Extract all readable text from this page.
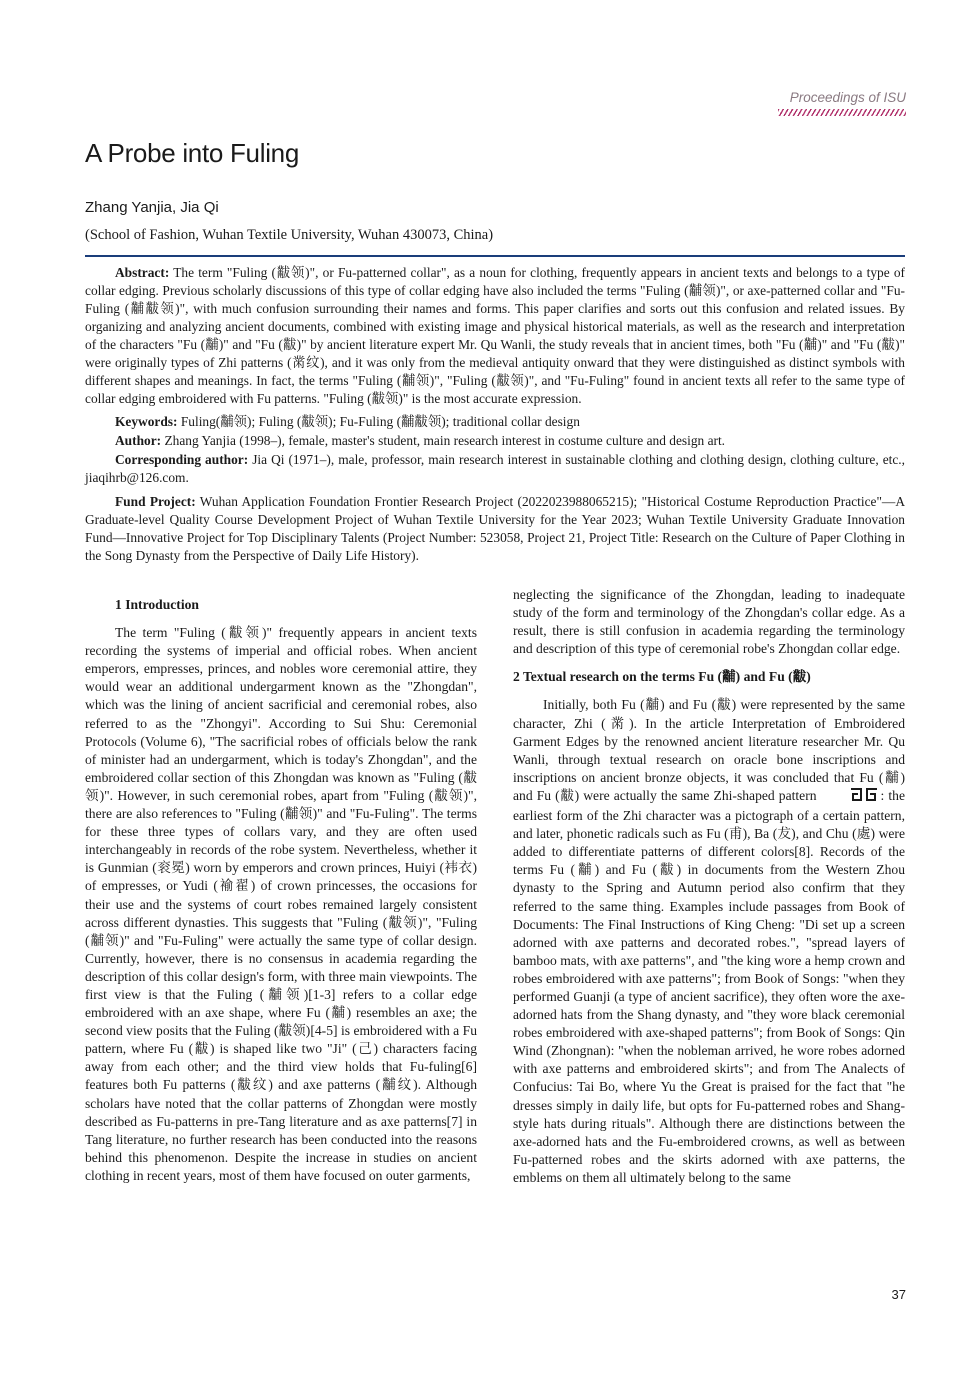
Proceedings of ISU
A Probe into Fuling
Zhang Yanjia, Jia Qi
(School of Fashion, Wuhan Textile University, Wuhan 430073, China)

Abstract: The term "Fuling (黻领)", or Fu-patterned collar", as a noun for clothing, frequently appears in ancient texts and belongs to a type of collar edging. Previous scholarly discussions of this type of collar edging have also included the terms "Fuling (黼领)", or axe-patterned collar and "Fu-Fuling (黼黻领)", with much confusion surrounding their names and forms. This paper clarifies and sorts out this confusion and related issues. By organizing and analyzing ancient documents, combined with existing image and physical historical materials, as well as the research and interpretation of the characters "Fu (黼)" and "Fu (黻)" by ancient literature expert Mr. Qu Wanli, the study reveals that in ancient times, both "Fu (黼)" and "Fu (黻)" were originally types of Zhi patterns (黹纹), and it was only from the medieval antiquity onward that they were distinguished as distinct symbols with different shapes and meanings. In fact, the terms "Fuling (黼领)", "Fuling (黻领)", and "Fu-Fuling" found in ancient texts all refer to the same type of collar edging embroidered with Fu patterns. "Fuling (黻领)" is the most accurate expression.

Keywords: Fuling(黼领); Fuling (黻领); Fu-Fuling (黼黻领); traditional collar design

Author: Zhang Yanjia (1998–), female, master's student, main research interest in costume culture and design art.

Corresponding author: Jia Qi (1971–), male, professor, main research interest in sustainable clothing and clothing design, clothing culture, etc., jiaqihrb@126.com.

Fund Project: Wuhan Application Foundation Frontier Research Project (2022023988065215); "Historical Costume Reproduction Practice"—A Graduate-level Quality Course Development Project of Wuhan Textile University for the Year 2023; Wuhan Textile University Graduate Innovation Fund—Innovative Project for Top Disciplinary Talents (Project Number: 523058, Project 21, Project Title: Research on the Culture of Paper Clothing in the Song Dynasty from the Perspective of Daily Life History).

1 Introduction

The term "Fuling (黻领)" frequently appears in ancient texts recording the systems of imperial and official robes. When ancient emperors, empresses, princes, and nobles wore ceremonial attire, they would wear an additional undergarment known as the "Zhongdan", which was the lining of ancient sacrificial and ceremonial robes, also referred to as the "Zhongyi". According to Sui Shu: Ceremonial Protocols (Volume 6), "The sacrificial robes of officials below the rank of minister had an undergarment, which is today's Zhongdan", and the embroidered collar section of this Zhongdan was known as "Fuling (黻领)". However, in such ceremonial robes, apart from "Fuling (黻领)", there are also references to "Fuling (黼领)" and "Fu-Fuling". The terms for these three types of collars vary, and they are often used interchangeably in records of the robe system. Nevertheless, whether it is Gunmian (衮冕) worn by emperors and crown princes, Huiyi (袆衣) of empresses, or Yudi (褕翟) of crown princesses, the occasions for their use and the systems of court robes remained largely consistent across different dynasties. This suggests that "Fuling (黻领)", "Fuling (黼领)" and "Fu-Fuling" were actually the same type of collar design. Currently, however, there is no consensus in academia regarding the description of this collar design's form, with three main viewpoints. The first view is that the Fuling (黼领)[1-3] refers to a collar edge embroidered with an axe shape, where Fu (黼) resembles an axe; the second view posits that the Fuling (黻领)[4-5] is embroidered with a Fu pattern, where Fu (黻) is shaped like two "Ji" (己) characters facing away from each other; and the third view holds that Fu-fuling[6] features both Fu patterns (黻纹) and axe patterns (黼纹). Although scholars have noted that the collar patterns of Zhongdan were mostly described as Fu-patterns in pre-Tang literature and as axe patterns[7] in Tang literature, no further research has been conducted into the reasons behind this phenomenon. Despite the increase in studies on ancient clothing in recent years, most of them have focused on outer garments,

neglecting the significance of the Zhongdan, leading to inadequate study of the form and terminology of the Zhongdan's collar edge. As a result, there is still confusion in academia regarding the terminology and description of this type of ceremonial robe's Zhongdan collar edge.

2 Textual research on the terms Fu (黼) and Fu (黻)

Initially, both Fu (黼) and Fu (黻) were represented by the same character, Zhi (黹). In the article Interpretation of Embroidered Garment Edges by the renowned ancient literature researcher Mr. Qu Wanli, through textual research on oracle bone inscriptions and inscriptions on ancient bronze objects, it was concluded that Fu (黼) and Fu (黻) were actually the same Zhi-shaped pattern	: the earliest form of the Zhi character was a pictograph of a certain pattern, and later, phonetic radicals such as Fu (甫), Ba (犮), and Chu (處) were added to differentiate patterns of different colors[8]. Records of the terms Fu (黼) and Fu (黻) in documents from the Western Zhou dynasty to the Spring and Autumn period also confirm that they referred to the same thing. Examples include passages from Book of Documents: The Final Instructions of King Cheng: "Di set up a screen adorned with axe patterns and decorated robes.", "spread layers of bamboo mats, with axe patterns", and "the king wore a hemp crown and robes embroidered with axe patterns"; from Book of Songs: "when they performed Guanji (a type of ancient sacrifice), they often wore the axe-adorned hats from the Shang dynasty, and "they wore black ceremonial robes embroidered with axe-shaped patterns"; from Book of Songs: Qin Wind (Zhongnan): "when the nobleman arrived, he wore robes adorned with axe patterns and embroidered skirts"; and from The Analects of Confucius: Tai Bo, where Yu the Great is praised for the fact that "he dresses simply in daily life, but opts for Fu-patterned robes and Shang-style hats during rituals". Although there are distinctions between the axe-adorned hats and the Fu-embroidered crowns, as well as between Fu-patterned robes and the skirts adorned with axe patterns, the emblems on them all ultimately belong to the same

37
